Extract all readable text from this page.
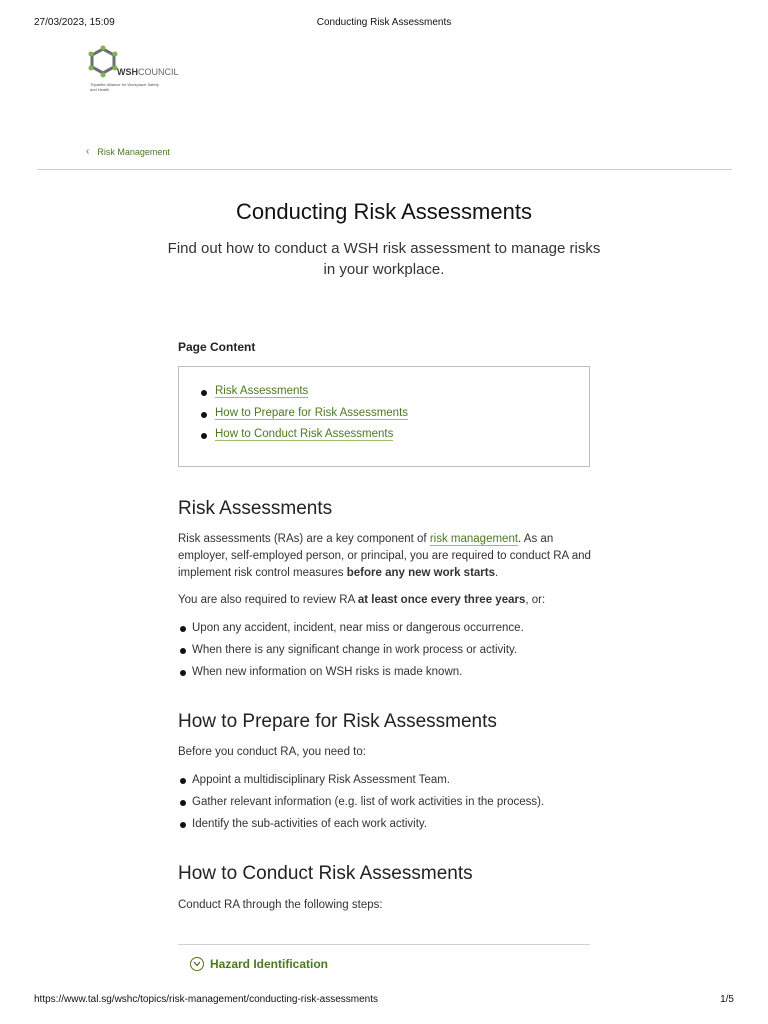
27/03/2023, 15:09	Conducting Risk Assessments
WSHCOUNCIL
Tripartite Alliance for Workplace Safety and Health
‹ Risk Management
Conducting Risk Assessments
Find out how to conduct a WSH risk assessment to manage risks in your workplace.
Page Content
Risk Assessments
How to Prepare for Risk Assessments
How to Conduct Risk Assessments
Risk Assessments

Risk assessments (RAs) are a key component of risk management. As an employer, self-employed person, or principal, you are required to conduct RA and implement risk control measures before any new work starts.

You are also required to review RA at least once every three years, or:

Upon any accident, incident, near miss or dangerous occurrence.
When there is any significant change in work process or activity.
When new information on WSH risks is made known.
How to Prepare for Risk Assessments

Before you conduct RA, you need to:

Appoint a multidisciplinary Risk Assessment Team.
Gather relevant information (e.g. list of work activities in the process).
Identify the sub-activities of each work activity.
How to Conduct Risk Assessments

Conduct RA through the following steps:

Hazard Identification
https://www.tal.sg/wshc/topics/risk-management/conducting-risk-assessments	1/5
